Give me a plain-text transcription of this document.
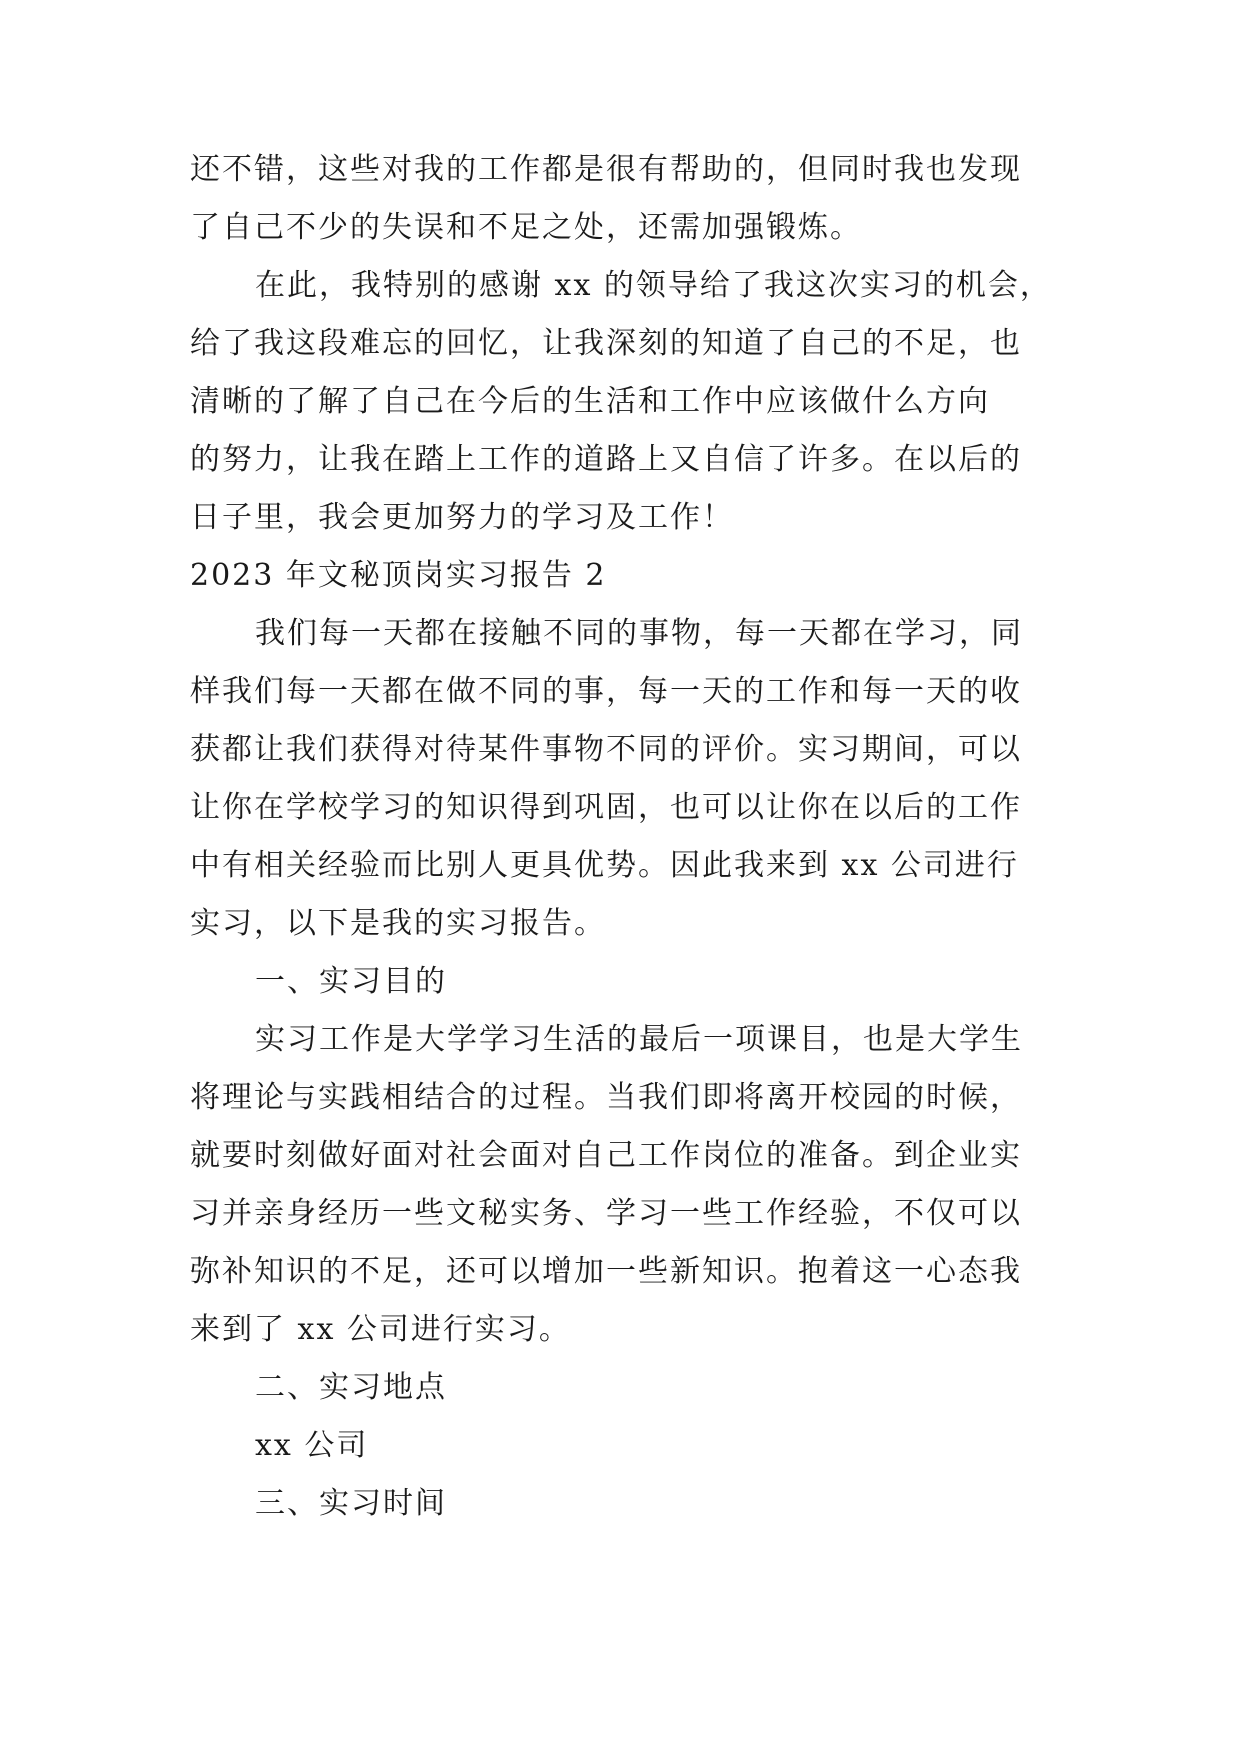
还不错，这些对我的工作都是很有帮助的，但同时我也发现
了自己不少的失误和不足之处，还需加强锻炼。
在此，我特别的感谢 xx 的领导给了我这次实习的机会，
给了我这段难忘的回忆，让我深刻的知道了自己的不足，也
清晰的了解了自己在今后的生活和工作中应该做什么方向
的努力，让我在踏上工作的道路上又自信了许多。在以后的
日子里，我会更加努力的学习及工作！
2023 年文秘顶岗实习报告 2
我们每一天都在接触不同的事物，每一天都在学习，同
样我们每一天都在做不同的事，每一天的工作和每一天的收
获都让我们获得对待某件事物不同的评价。实习期间，可以
让你在学校学习的知识得到巩固，也可以让你在以后的工作
中有相关经验而比别人更具优势。因此我来到 xx 公司进行
实习，以下是我的实习报告。
一、实习目的
实习工作是大学学习生活的最后一项课目，也是大学生
将理论与实践相结合的过程。当我们即将离开校园的时候，
就要时刻做好面对社会面对自己工作岗位的准备。到企业实
习并亲身经历一些文秘实务、学习一些工作经验，不仅可以
弥补知识的不足，还可以增加一些新知识。抱着这一心态我
来到了 xx 公司进行实习。
二、实习地点
xx 公司
三、实习时间
